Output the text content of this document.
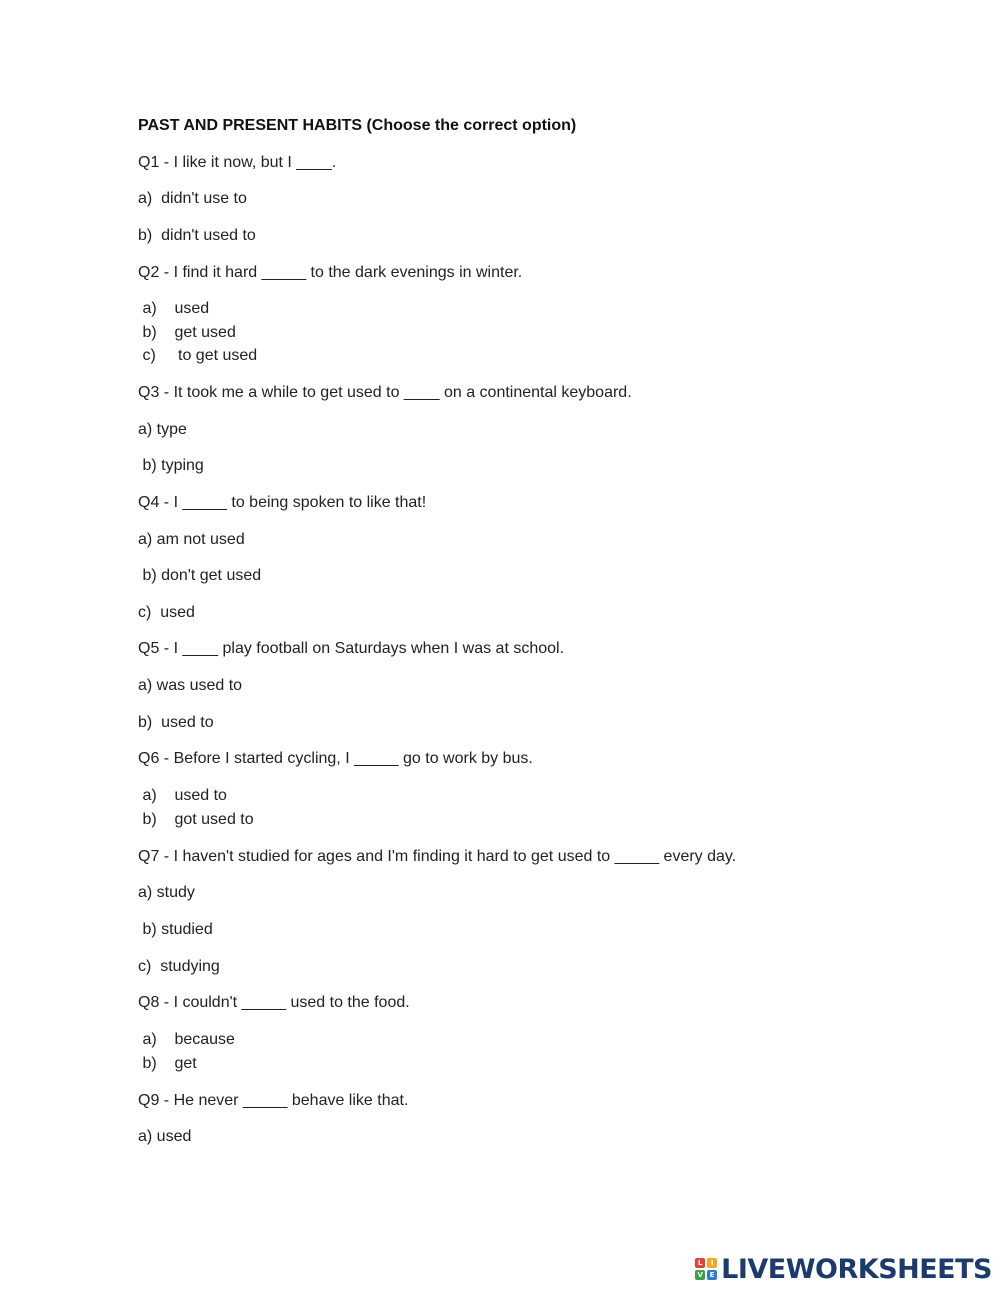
PAST AND PRESENT HABITS (Choose the correct option)
Q1 - I like it now, but I ____.
a)  didn't use to
b)  didn't used to
Q2 - I find it hard _____ to the dark evenings in winter.
a)    used
b)    get used
c)     to get used
Q3 - It took me a while to get used to ____ on a continental keyboard.
a) type
b) typing
Q4 - I _____ to being spoken to like that!
a) am not used
b) don't get used
c)  used
Q5 - I ____ play football on Saturdays when I was at school.
a) was used to
b)  used to
Q6 - Before I started cycling, I _____ go to work by bus.
a)    used to
b)    got used to
Q7 - I haven't studied for ages and I'm finding it hard to get used to _____ every day.
a) study
b) studied
c)  studying
Q8 - I couldn't _____ used to the food.
a)    because
b)    get
Q9 - He never _____ behave like that.
a) used
L	I
V E LIVEWORKSHEETS
